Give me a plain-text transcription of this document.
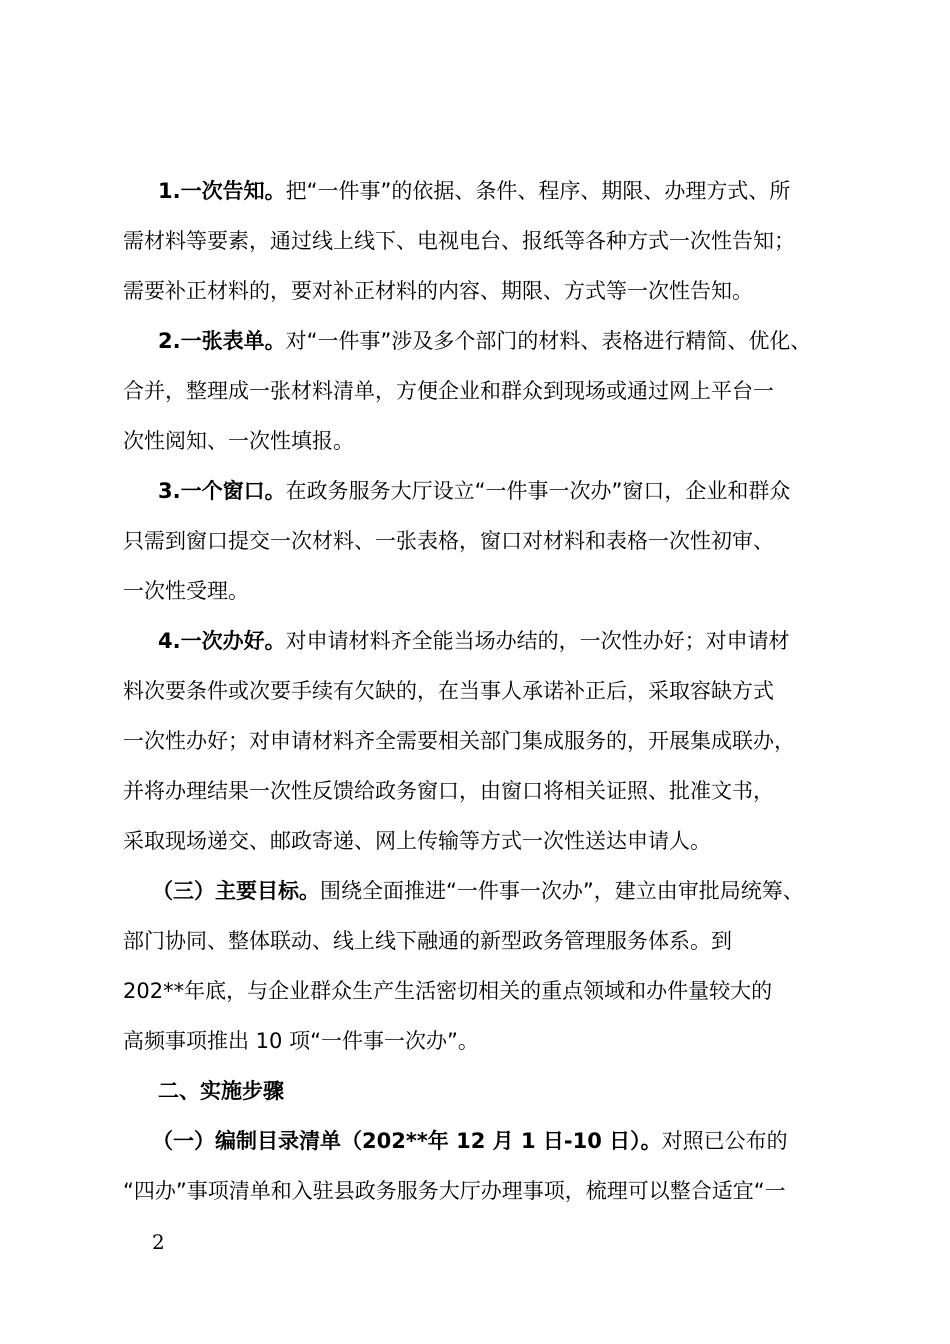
1.一次告知。把“一件事”的依据、条件、程序、期限、办理方式、所
需材料等要素，通过线上线下、电视电台、报纸等各种方式一次性告知；
需要补正材料的，要对补正材料的内容、期限、方式等一次性告知。
2.一张表单。对“一件事”涉及多个部门的材料、表格进行精简、优化、
合并，整理成一张材料清单，方便企业和群众到现场或通过网上平台一
次性阅知、一次性填报。
3.一个窗口。在政务服务大厅设立“一件事一次办”窗口，企业和群众
只需到窗口提交一次材料、一张表格，窗口对材料和表格一次性初审、
一次性受理。
4.一次办好。对申请材料齐全能当场办结的，一次性办好；对申请材
料次要条件或次要手续有欠缺的，在当事人承诺补正后，采取容缺方式
一次性办好；对申请材料齐全需要相关部门集成服务的，开展集成联办，
并将办理结果一次性反馈给政务窗口，由窗口将相关证照、批准文书，
采取现场递交、邮政寄递、网上传输等方式一次性送达申请人。
（三）主要目标。围绕全面推进“一件事一次办”，建立由审批局统筹、
部门协同、整体联动、线上线下融通的新型政务管理服务体系。到
202**年底，与企业群众生产生活密切相关的重点领域和办件量较大的
高频事项推出 10 项“一件事一次办”。
二、实施步骤
（一）编制目录清单（202**年 12 月 1 日-10 日）。对照已公布的
“四办”事项清单和入驻县政务服务大厅办理事项，梳理可以整合适宜“一
2
